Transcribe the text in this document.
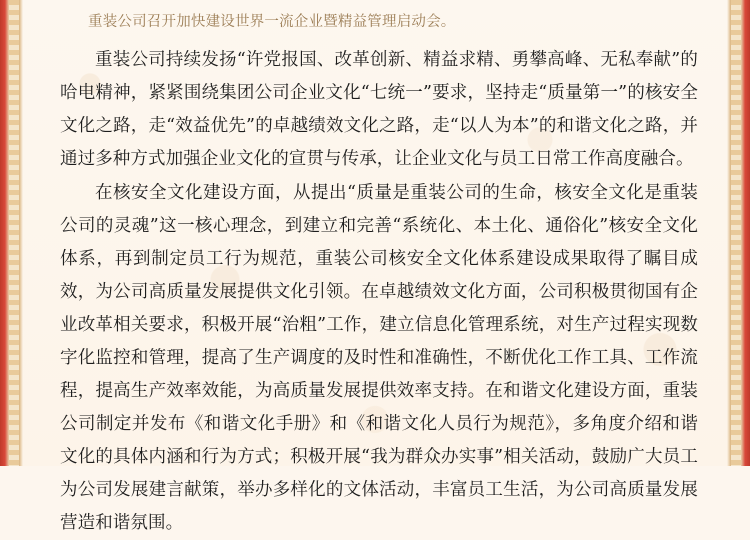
重装公司召开加快建设世界一流企业暨精益管理启动会。

重装公司持续发扬“许党报国、改革创新、精益求精、勇攀高峰、无私奉献”的哈电精神，紧紧围绕集团公司企业文化“七统一”要求，坚持走“质量第一”的核安全文化之路，走“效益优先”的卓越绩效文化之路，走“以人为本”的和谐文化之路，并通过多种方式加强企业文化的宣贯与传承，让企业文化与员工日常工作高度融合。

在核安全文化建设方面，从提出“质量是重装公司的生命，核安全文化是重装公司的灵魂”这一核心理念，到建立和完善“系统化、本土化、通俗化”核安全文化体系，再到制定员工行为规范，重装公司核安全文化体系建设成果取得了瞩目成效，为公司高质量发展提供文化引领。在卓越绩效文化方面，公司积极贯彻国有企业改革相关要求，积极开展“治粗”工作，建立信息化管理系统，对生产过程实现数字化监控和管理，提高了生产调度的及时性和准确性，不断优化工作工具、工作流程，提高生产效率效能，为高质量发展提供效率支持。在和谐文化建设方面，重装公司制定并发布《和谐文化手册》和《和谐文化人员行为规范》，多角度介绍和谐文化的具体内涵和行为方式；积极开展“我为群众办实事”相关活动，鼓励广大员工为公司发展建言献策，举办多样化的文体活动，丰富员工生活，为公司高质量发展营造和谐氛围。
